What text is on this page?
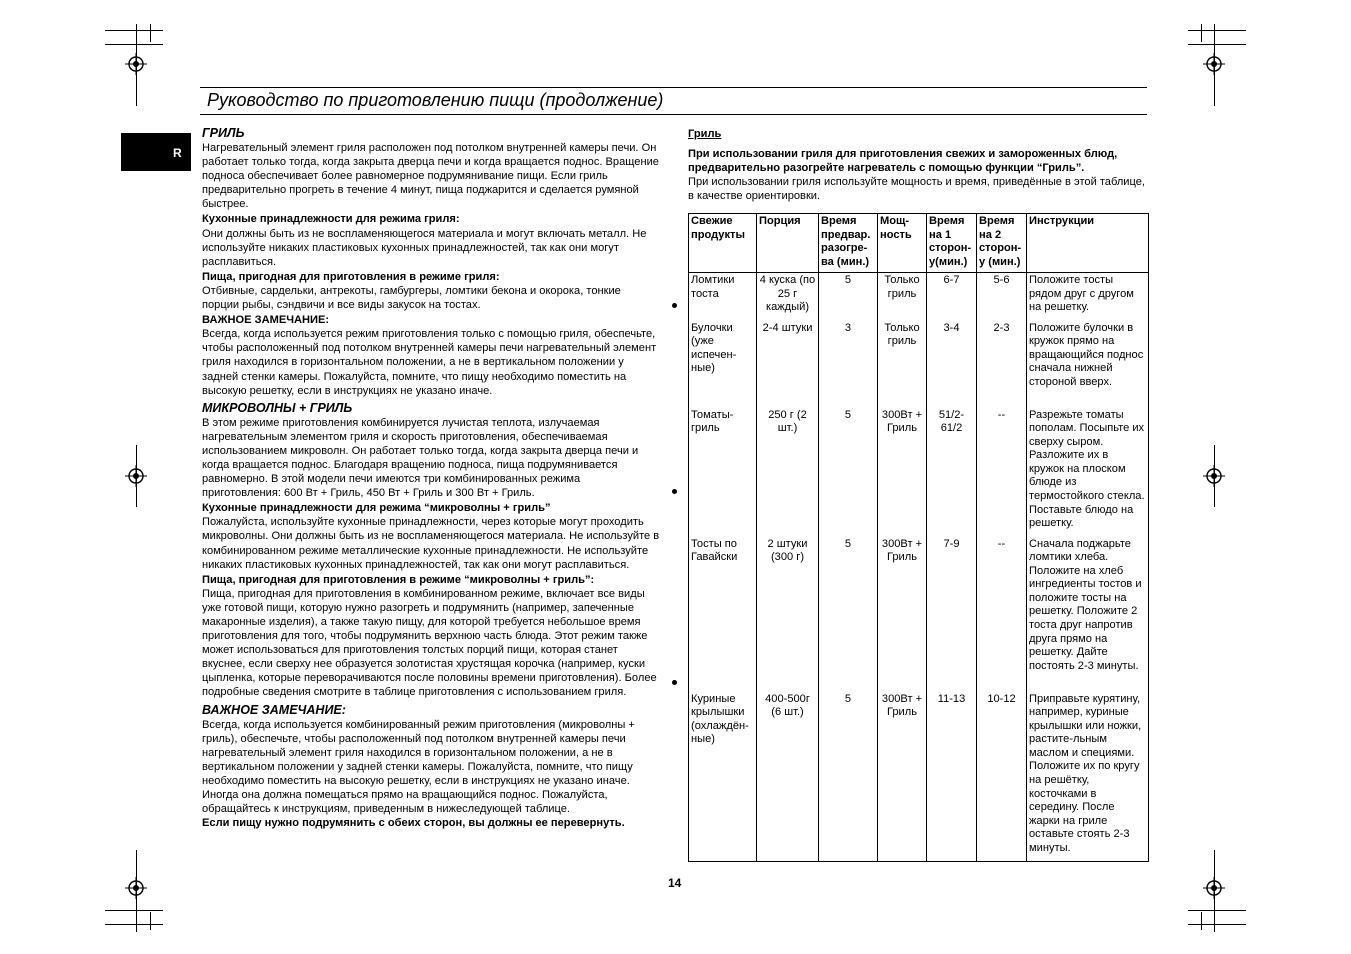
Руководство по приготовлению пищи (продолжение)
R

ГРИЛЬ

Нагревательный элемент гриля расположен под потолком внутренней камеры печи. Он работает только тогда, когда закрыта дверца печи и когда вращается поднос. Вращение подноса обеспечивает более равномерное подрумянивание пищи. Если гриль предварительно прогреть в течение 4 минут, пища поджарится и сделается румяной быстрее.

Кухонные принадлежности для режима гриля:

Они должны быть из не воспламеняющегося материала и могут включать металл. Не используйте никаких пластиковых кухонных принадлежностей, так как они могут расплавиться.

Пища, пригодная для приготовления в режиме гриля:

Отбивные, сардельки, антрекоты, гамбургеры, ломтики бекона и окорока, тонкие порции рыбы, сэндвичи и все виды закусок на тостах.

ВАЖНОЕ ЗАМЕЧАНИЕ:

Всегда, когда используется режим приготовления только с помощью гриля, обеспечьте, чтобы расположенный под потолком внутренней камеры печи нагревательный элемент гриля находился в горизонтальном положении, а не в вертикальном положении у задней стенки камеры. Пожалуйста, помните, что пищу необходимо поместить на высокую решетку, если в инструкциях не указано иначе.

МИКРОВОЛНЫ + ГРИЛЬ

В этом режиме приготовления комбинируется лучистая теплота, излучаемая нагревательным элементом гриля и скорость приготовления, обеспечиваемая использованием микроволн. Он работает только тогда, когда закрыта дверца печи и когда вращается поднос. Благодаря вращению подноса, пища подрумянивается равномерно. В этой модели печи имеются три комбинированных режима приготовления: 600 Вт + Гриль, 450 Вт + Гриль и 300 Вт + Гриль.

Кухонные принадлежности для режима “микроволны + гриль”

Пожалуйста, используйте кухонные принадлежности, через которые могут проходить микроволны. Они должны быть из не воспламеняющегося материала. Не используйте в комбинированном режиме металлические кухонные принадлежности. Не используйте никаких пластиковых кухонных принадлежностей, так как они могут расплавиться.

Пища, пригодная для приготовления в режиме “микроволны + гриль”:

Пища, пригодная для приготовления в комбинированном режиме, включает все виды уже готовой пищи, которую нужно разогреть и подрумянить (например, запеченные макаронные изделия), а также такую пищу, для которой требуется небольшое время приготовления для того, чтобы подрумянить верхнюю часть блюда. Этот режим также может использоваться для приготовления толстых порций пищи, которая станет вкуснее, если сверху нее образуется золотистая хрустящая корочка (например, куски цыпленка, которые переворачиваются после половины времени приготовления). Более подробные сведения смотрите в таблице приготовления с использованием гриля.

ВАЖНОЕ ЗАМЕЧАНИЕ:

Всегда, когда используется комбинированный режим приготовления (микроволны + гриль), обеспечьте, чтобы расположенный под потолком внутренней камеры печи нагревательный элемент гриля находился в горизонтальном положении, а не в вертикальном положении у задней стенки камеры. Пожалуйста, помните, что пищу необходимо поместить на высокую решетку, если в инструкциях не указано иначе. Иногда она должна помещаться прямо на вращающийся поднос. Пожалуйста, обращайтесь к инструкциям, приведенным в нижеследующей таблице.

Если пищу нужно подрумянить с обеих сторон, вы должны ее перевернуть.

Гриль

При использовании гриля для приготовления свежих и замороженных блюд, предварительно разогрейте нагреватель с помощью функции “Гриль”.

При использовании гриля используйте мощность и время, приведённые в этой таблице, в качестве ориентировки.

Свежие продукты	Порция	Время предвар. разогре-ва (мин.)	Мощ-ность	Время на 1 сторон-у(мин.)	Время на 2 сторон-у (мин.)	Инструкции
Ломтики тоста	4 куска (по 25 г каждый)	5	Только гриль	6-7	5-6	Положите тосты рядом друг с другом на решетку.
Булочки (уже испечен-ные)	2-4 штуки	3	Только гриль	3-4	2-3	Положите булочки в кружок прямо на вращающийся поднос сначала нижней стороной вверх.
Томаты-гриль	250 г (2 шт.)	5	300Вт + Гриль	51/2-61/2	--	Разрежьте томаты пополам. Посыпьте их сверху сыром. Разложите их в кружок на плоском блюде из термостойкого стекла. Поставьте блюдо на решетку.
Тосты по Гавайски	2 штуки (300 г)	5	300Вт + Гриль	7-9	--	Сначала поджарьте ломтики хлеба. Положите на хлеб ингредиенты тостов и положите тосты на решетку. Положите 2 тоста друг напротив друга прямо на решетку. Дайте постоять 2-3 минуты.
Куриные крылышки (охлаждён-ные)	400-500г (6 шт.)	5	300Вт + Гриль	11-13	10-12	Приправьте курятину, например, куриные крылышки или ножки, растите-льным маслом и специями. Положите их по кругу на решётку, косточками в середину. После жарки на гриле оставьте стоять 2-3 минуты.
14
